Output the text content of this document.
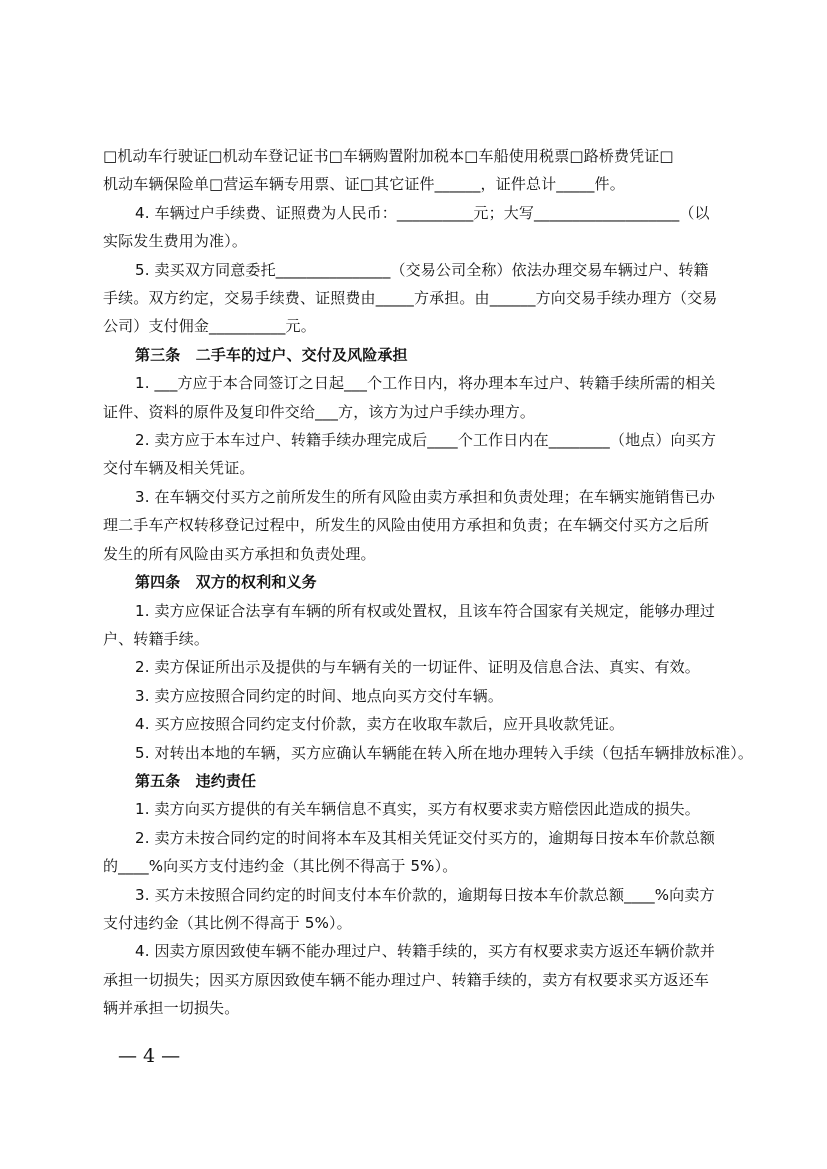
□机动车行驶证□机动车登记证书□车辆购置附加税本□车船使用税票□路桥费凭证□
机动车辆保险单□营运车辆专用票、证□其它证件______，证件总计_____件。
4. 车辆过户手续费、证照费为人民币：__________元；大写___________________（以
实际发生费用为准）。
5. 卖买双方同意委托_______________（交易公司全称）依法办理交易车辆过户、转籍
手续。双方约定，交易手续费、证照费由_____方承担。由______方向交易手续办理方（交易
公司）支付佣金__________元。
第三条　二手车的过户、交付及风险承担
1. ___方应于本合同签订之日起___个工作日内，将办理本车过户、转籍手续所需的相关
证件、资料的原件及复印件交给___方，该方为过户手续办理方。
2. 卖方应于本车过户、转籍手续办理完成后____个工作日内在________（地点）向买方
交付车辆及相关凭证。
3. 在车辆交付买方之前所发生的所有风险由卖方承担和负责处理；在车辆实施销售已办
理二手车产权转移登记过程中，所发生的风险由使用方承担和负责；在车辆交付买方之后所
发生的所有风险由买方承担和负责处理。
第四条　双方的权利和义务
1. 卖方应保证合法享有车辆的所有权或处置权，且该车符合国家有关规定，能够办理过
户、转籍手续。
2. 卖方保证所出示及提供的与车辆有关的一切证件、证明及信息合法、真实、有效。
3. 卖方应按照合同约定的时间、地点向买方交付车辆。
4. 买方应按照合同约定支付价款，卖方在收取车款后，应开具收款凭证。
5. 对转出本地的车辆，买方应确认车辆能在转入所在地办理转入手续（包括车辆排放标准）。
第五条　违约责任
1. 卖方向买方提供的有关车辆信息不真实，买方有权要求卖方赔偿因此造成的损失。
2. 卖方未按合同约定的时间将本车及其相关凭证交付买方的，逾期每日按本车价款总额
的____%向买方支付违约金（其比例不得高于 5%）。
3. 买方未按照合同约定的时间支付本车价款的，逾期每日按本车价款总额____%向卖方
支付违约金（其比例不得高于 5%）。
4. 因卖方原因致使车辆不能办理过户、转籍手续的，买方有权要求卖方返还车辆价款并
承担一切损失；因买方原因致使车辆不能办理过户、转籍手续的，卖方有权要求买方返还车
辆并承担一切损失。
— 4 —
